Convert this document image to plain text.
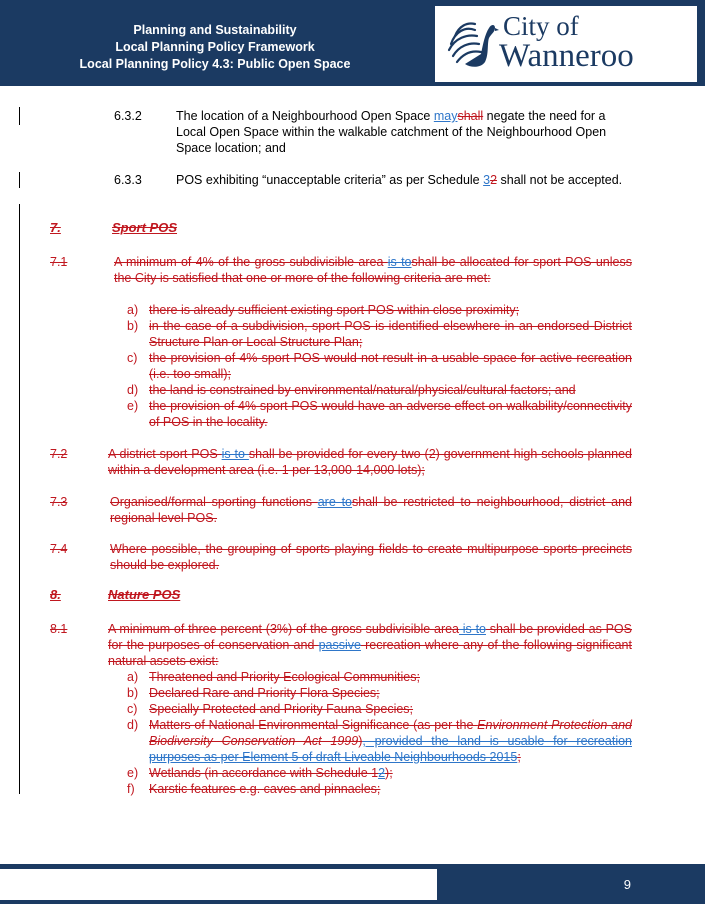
Planning and Sustainability
Local Planning Policy Framework
Local Planning Policy 4.3: Public Open Space
City of
Wanneroo
6.3.2	The location of a Neighbourhood Open Space mayshall negate the need for a Local Open Space within the walkable catchment of the Neighbourhood Open Space location; and
6.3.3	POS exhibiting “unacceptable criteria” as per Schedule 32 shall not be accepted.
7.	Sport POS
7.1	A minimum of 4% of the gross subdivisible area is toshall be allocated for sport POS unless the City is satisfied that one or more of the following criteria are met:
a) there is already sufficient existing sport POS within close proximity;
b) in the case of a subdivision, sport POS is identified elsewhere in an endorsed District Structure Plan or Local Structure Plan;
c) the provision of 4% sport POS would not result in a usable space for active recreation (i.e. too small);
d) the land is constrained by environmental/natural/physical/cultural factors; and
e) the provision of 4% sport POS would have an adverse effect on walkability/connectivity of POS in the locality.
7.2	A district sport POS is to shall be provided for every two (2) government high schools planned within a development area (i.e. 1 per 13,000-14,000 lots);
7.3	Organised/formal sporting functions are toshall be restricted to neighbourhood, district and regional level POS.
7.4	Where possible, the grouping of sports playing fields to create multipurpose sports precincts should be explored.
8.	Nature POS
8.1	A minimum of three percent (3%) of the gross subdivisible area is to shall be provided as POS for the purposes of conservation and passive recreation where any of the following significant natural assets exist:
a) Threatened and Priority Ecological Communities;
b) Declared Rare and Priority Flora Species;
c) Specially Protected and Priority Fauna Species;
d) Matters of National Environmental Significance (as per the Environment Protection and Biodiversity Conservation Act 1999), provided the land is usable for recreation purposes as per Element 5 of draft Liveable Neighbourhoods 2015;
e) Wetlands (in accordance with Schedule 12);
f) Karstic features e.g. caves and pinnacles;
9
